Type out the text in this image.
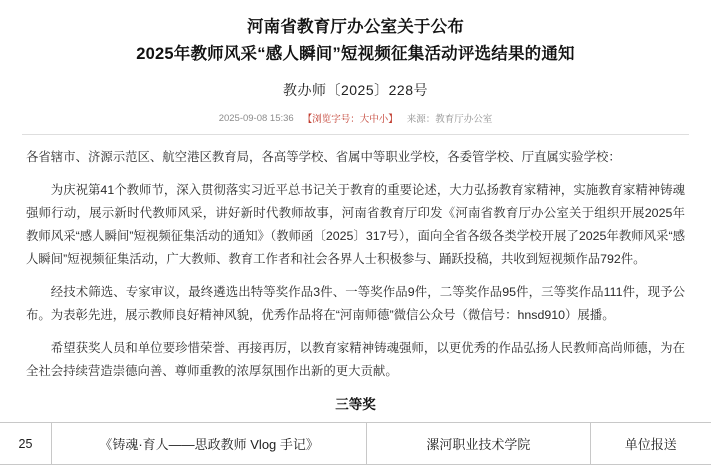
河南省教育厅办公室关于公布
2025年教师风采“感人瞬间”短视频征集活动评选结果的通知
教办师〔2025〕228号
2025-09-08 15:36 【浏览字号：大中小】 来源：教育厅办公室

各省辖市、济源示范区、航空港区教育局，各高等学校、省属中等职业学校，各委管学校、厅直属实验学校：

为庆祝第41个教师节，深入贯彻落实习近平总书记关于教育的重要论述，大力弘扬教育家精神，实施教育家精神铸魂强师行动，展示新时代教师风采，讲好新时代教师故事，河南省教育厅印发《河南省教育厅办公室关于组织开展2025年教师风采“感人瞬间”短视频征集活动的通知》（教师函〔2025〕317号），面向全省各级各类学校开展了2025年教师风采“感人瞬间”短视频征集活动，广大教师、教育工作者和社会各界人士积极参与、踊跃投稿，共收到短视频作品792件。

经技术筛选、专家审议，最终遴选出特等奖作品3件、一等奖作品9件，二等奖作品95件，三等奖作品111件，现予公布。为表彰先进，展示教师良好精神风貌，优秀作品将在“河南师德”微信公众号（微信号：hnsd910）展播。

希望获奖人员和单位要珍惜荣誉、再接再厉，以教育家精神铸魂强师，以更优秀的作品弘扬人民教师高尚师德，为在全社会持续营造崇德向善、尊师重教的浓厚氛围作出新的更大贡献。

三等奖
25	《铸魂·育人——思政教师 Vlog 手记》	漯河职业技术学院	单位报送
